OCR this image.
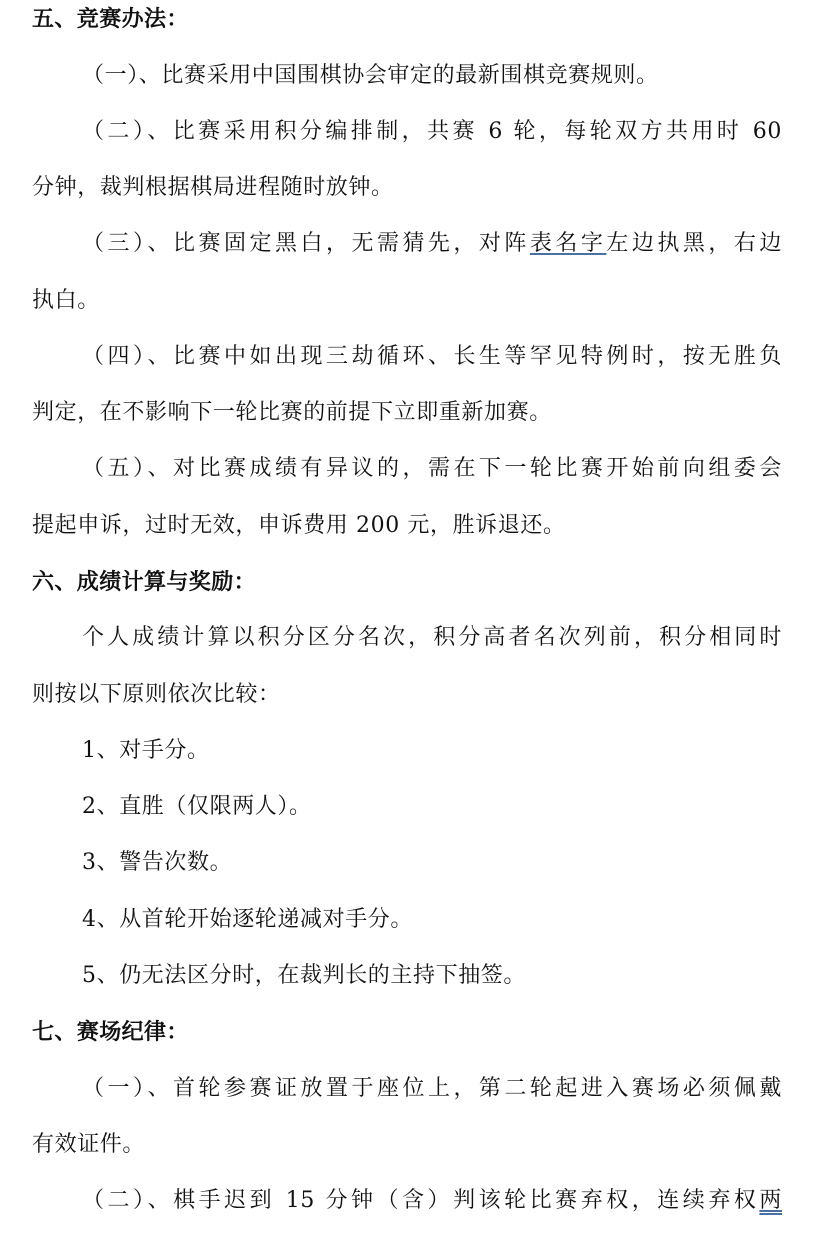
五、竞赛办法：
（一）、比赛采用中国围棋协会审定的最新围棋竞赛规则。
（二）、比赛采用积分编排制，共赛 6 轮，每轮双方共用时 60
分钟，裁判根据棋局进程随时放钟。
（三）、比赛固定黑白，无需猜先，对阵表名字左边执黑，右边
执白。
（四）、比赛中如出现三劫循环、长生等罕见特例时，按无胜负
判定，在不影响下一轮比赛的前提下立即重新加赛。
（五）、对比赛成绩有异议的，需在下一轮比赛开始前向组委会
提起申诉，过时无效，申诉费用 200 元，胜诉退还。
六、成绩计算与奖励：
个人成绩计算以积分区分名次，积分高者名次列前，积分相同时
则按以下原则依次比较：
1、对手分。
2、直胜（仅限两人）。
3、警告次数。
4、从首轮开始逐轮递减对手分。
5、仍无法区分时，在裁判长的主持下抽签。
七、赛场纪律：
（一）、首轮参赛证放置于座位上，第二轮起进入赛场必须佩戴
有效证件。
（二）、棋手迟到 15 分钟（含）判该轮比赛弃权，连续弃权两
